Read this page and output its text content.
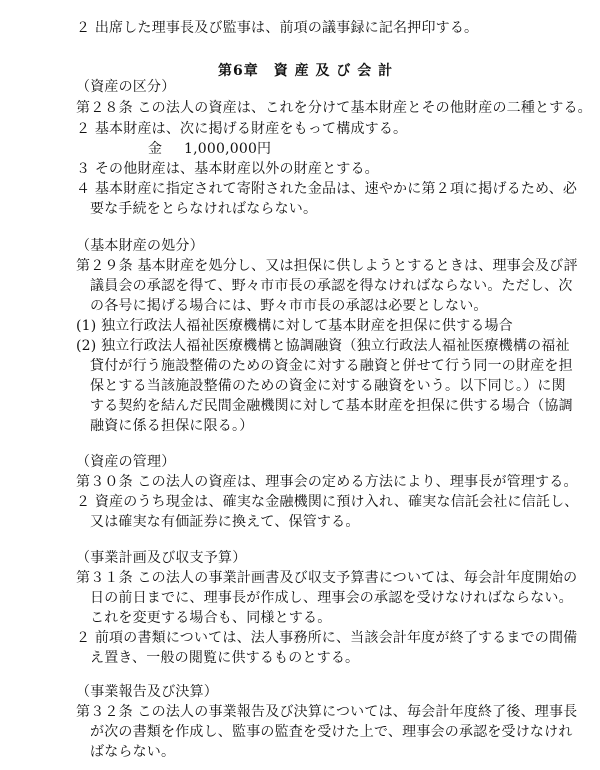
２ 出席した理事長及び監事は、前項の議事録に記名押印する。
第6章　資 産 及 び 会 計
（資産の区分）
第２８条 この法人の資産は、これを分けて基本財産とその他財産の二種とする。
２ 基本財産は、次に掲げる財産をもって構成する。
金 1,000,000円
３ その他財産は、基本財産以外の財産とする。
４ 基本財産に指定されて寄附された金品は、速やかに第２項に掲げるため、必
要な手続をとらなければならない。
（基本財産の処分）
第２９条 基本財産を処分し、又は担保に供しようとするときは、理事会及び評
議員会の承認を得て、野々市市長の承認を得なければならない。ただし、次
の各号に掲げる場合には、野々市市長の承認は必要としない。
(1) 独立行政法人福祉医療機構に対して基本財産を担保に供する場合
(2) 独立行政法人福祉医療機構と協調融資（独立行政法人福祉医療機構の福祉
貸付が行う施設整備のための資金に対する融資と併せて行う同一の財産を担
保とする当該施設整備のための資金に対する融資をいう。以下同じ。）に関
する契約を結んだ民間金融機関に対して基本財産を担保に供する場合（協調
融資に係る担保に限る。）
（資産の管理）
第３０条 この法人の資産は、理事会の定める方法により、理事長が管理する。
２ 資産のうち現金は、確実な金融機関に預け入れ、確実な信託会社に信託し、
又は確実な有価証券に換えて、保管する。
（事業計画及び収支予算）
第３１条 この法人の事業計画書及び収支予算書については、毎会計年度開始の
日の前日までに、理事長が作成し、理事会の承認を受けなければならない。
これを変更する場合も、同様とする。
２ 前項の書類については、法人事務所に、当該会計年度が終了するまでの間備
え置き、一般の閲覧に供するものとする。
（事業報告及び決算）
第３２条 この法人の事業報告及び決算については、毎会計年度終了後、理事長
が次の書類を作成し、監事の監査を受けた上で、理事会の承認を受けなけれ
ばならない。
